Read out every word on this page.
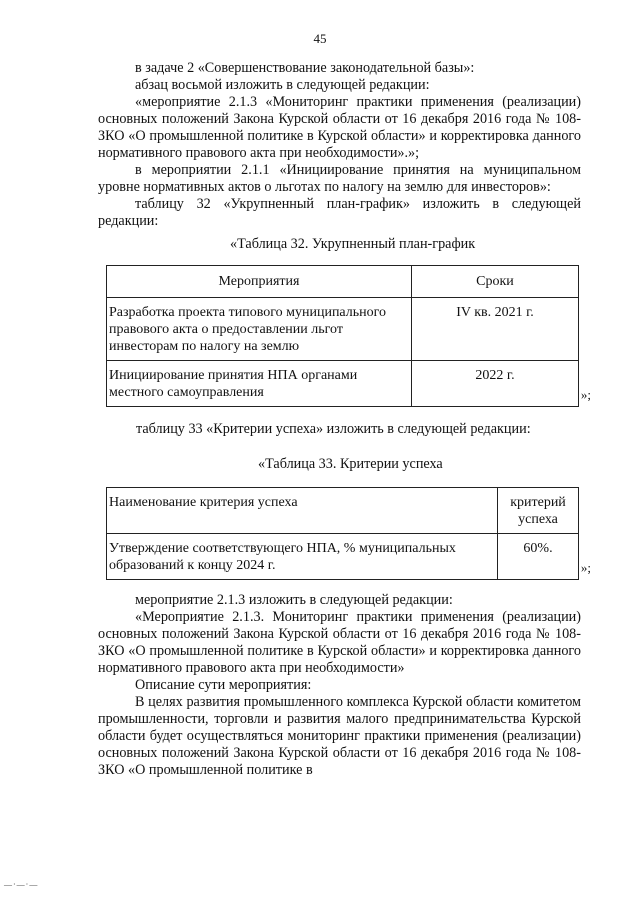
45

в задаче 2 «Совершенствование законодательной базы»:

абзац восьмой изложить в следующей редакции:

«мероприятие 2.1.3 «Мониторинг практики применения (реализации) основных положений Закона Курской области от 16 декабря 2016 года № 108-ЗКО «О промышленной политике в Курской области» и корректировка данного нормативного правового акта при необходимости».»;

в мероприятии 2.1.1 «Инициирование принятия на муниципальном уровне нормативных актов о льготах по налогу на землю для инвесторов»:

таблицу 32 «Укрупненный план-график» изложить в следующей редакции:

«Таблица 32. Укрупненный план-график
Мероприятия	Сроки
Разработка проекта типового муниципального правового акта о предоставлении льгот инвесторам по налогу на землю	IV кв. 2021 г.
Инициирование принятия НПА органами местного самоуправления	2022 г.
»;

таблицу 33 «Критерии успеха» изложить в следующей редакции:

«Таблица 33. Критерии успеха
Наименование критерия успеха	критерий успеха
Утверждение соответствующего НПА, % муниципальных образований к концу 2024 г.	60%.
»;

мероприятие 2.1.3 изложить в следующей редакции:

«Мероприятие 2.1.3. Мониторинг практики применения (реализации) основных положений Закона Курской области от 16 декабря 2016 года № 108-ЗКО «О промышленной политике в Курской области» и корректировка данного нормативного правового акта при необходимости»

Описание сути мероприятия:

В целях развития промышленного комплекса Курской области комитетом промышленности, торговли и развития малого предпринимательства Курской области будет осуществляться мониторинг практики применения (реализации) основных положений Закона Курской области от 16 декабря 2016 года № 108-ЗКО «О промышленной политике в

—·—·—
